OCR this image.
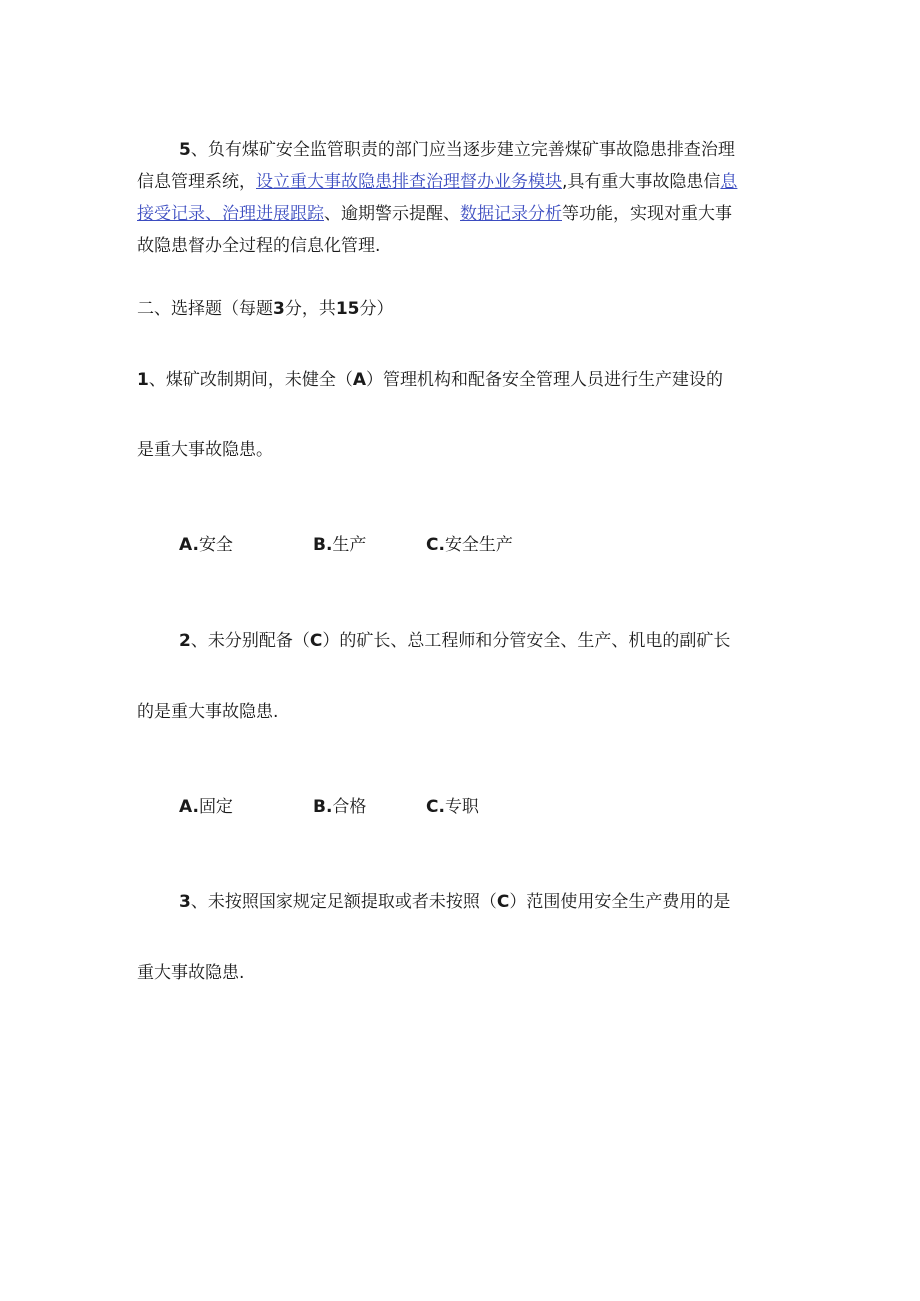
5、负有煤矿安全监管职责的部门应当逐步建立完善煤矿事故隐患排查治理
信息管理系统，设立重大事故隐患排查治理督办业务模块,具有重大事故隐患信息
接受记录、治理进展跟踪、逾期警示提醒、数据记录分析等功能，实现对重大事
故隐患督办全过程的信息化管理.
二、选择题（每题3分，共15分）
1、煤矿改制期间，未健全（A）管理机构和配备安全管理人员进行生产建设的
是重大事故隐患。
A.安全	B.生产	C.安全生产
2、未分别配备（C）的矿长、总工程师和分管安全、生产、机电的副矿长
的是重大事故隐患.
A.固定	B.合格	C.专职
3、未按照国家规定足额提取或者未按照（C）范围使用安全生产费用的是
重大事故隐患.
